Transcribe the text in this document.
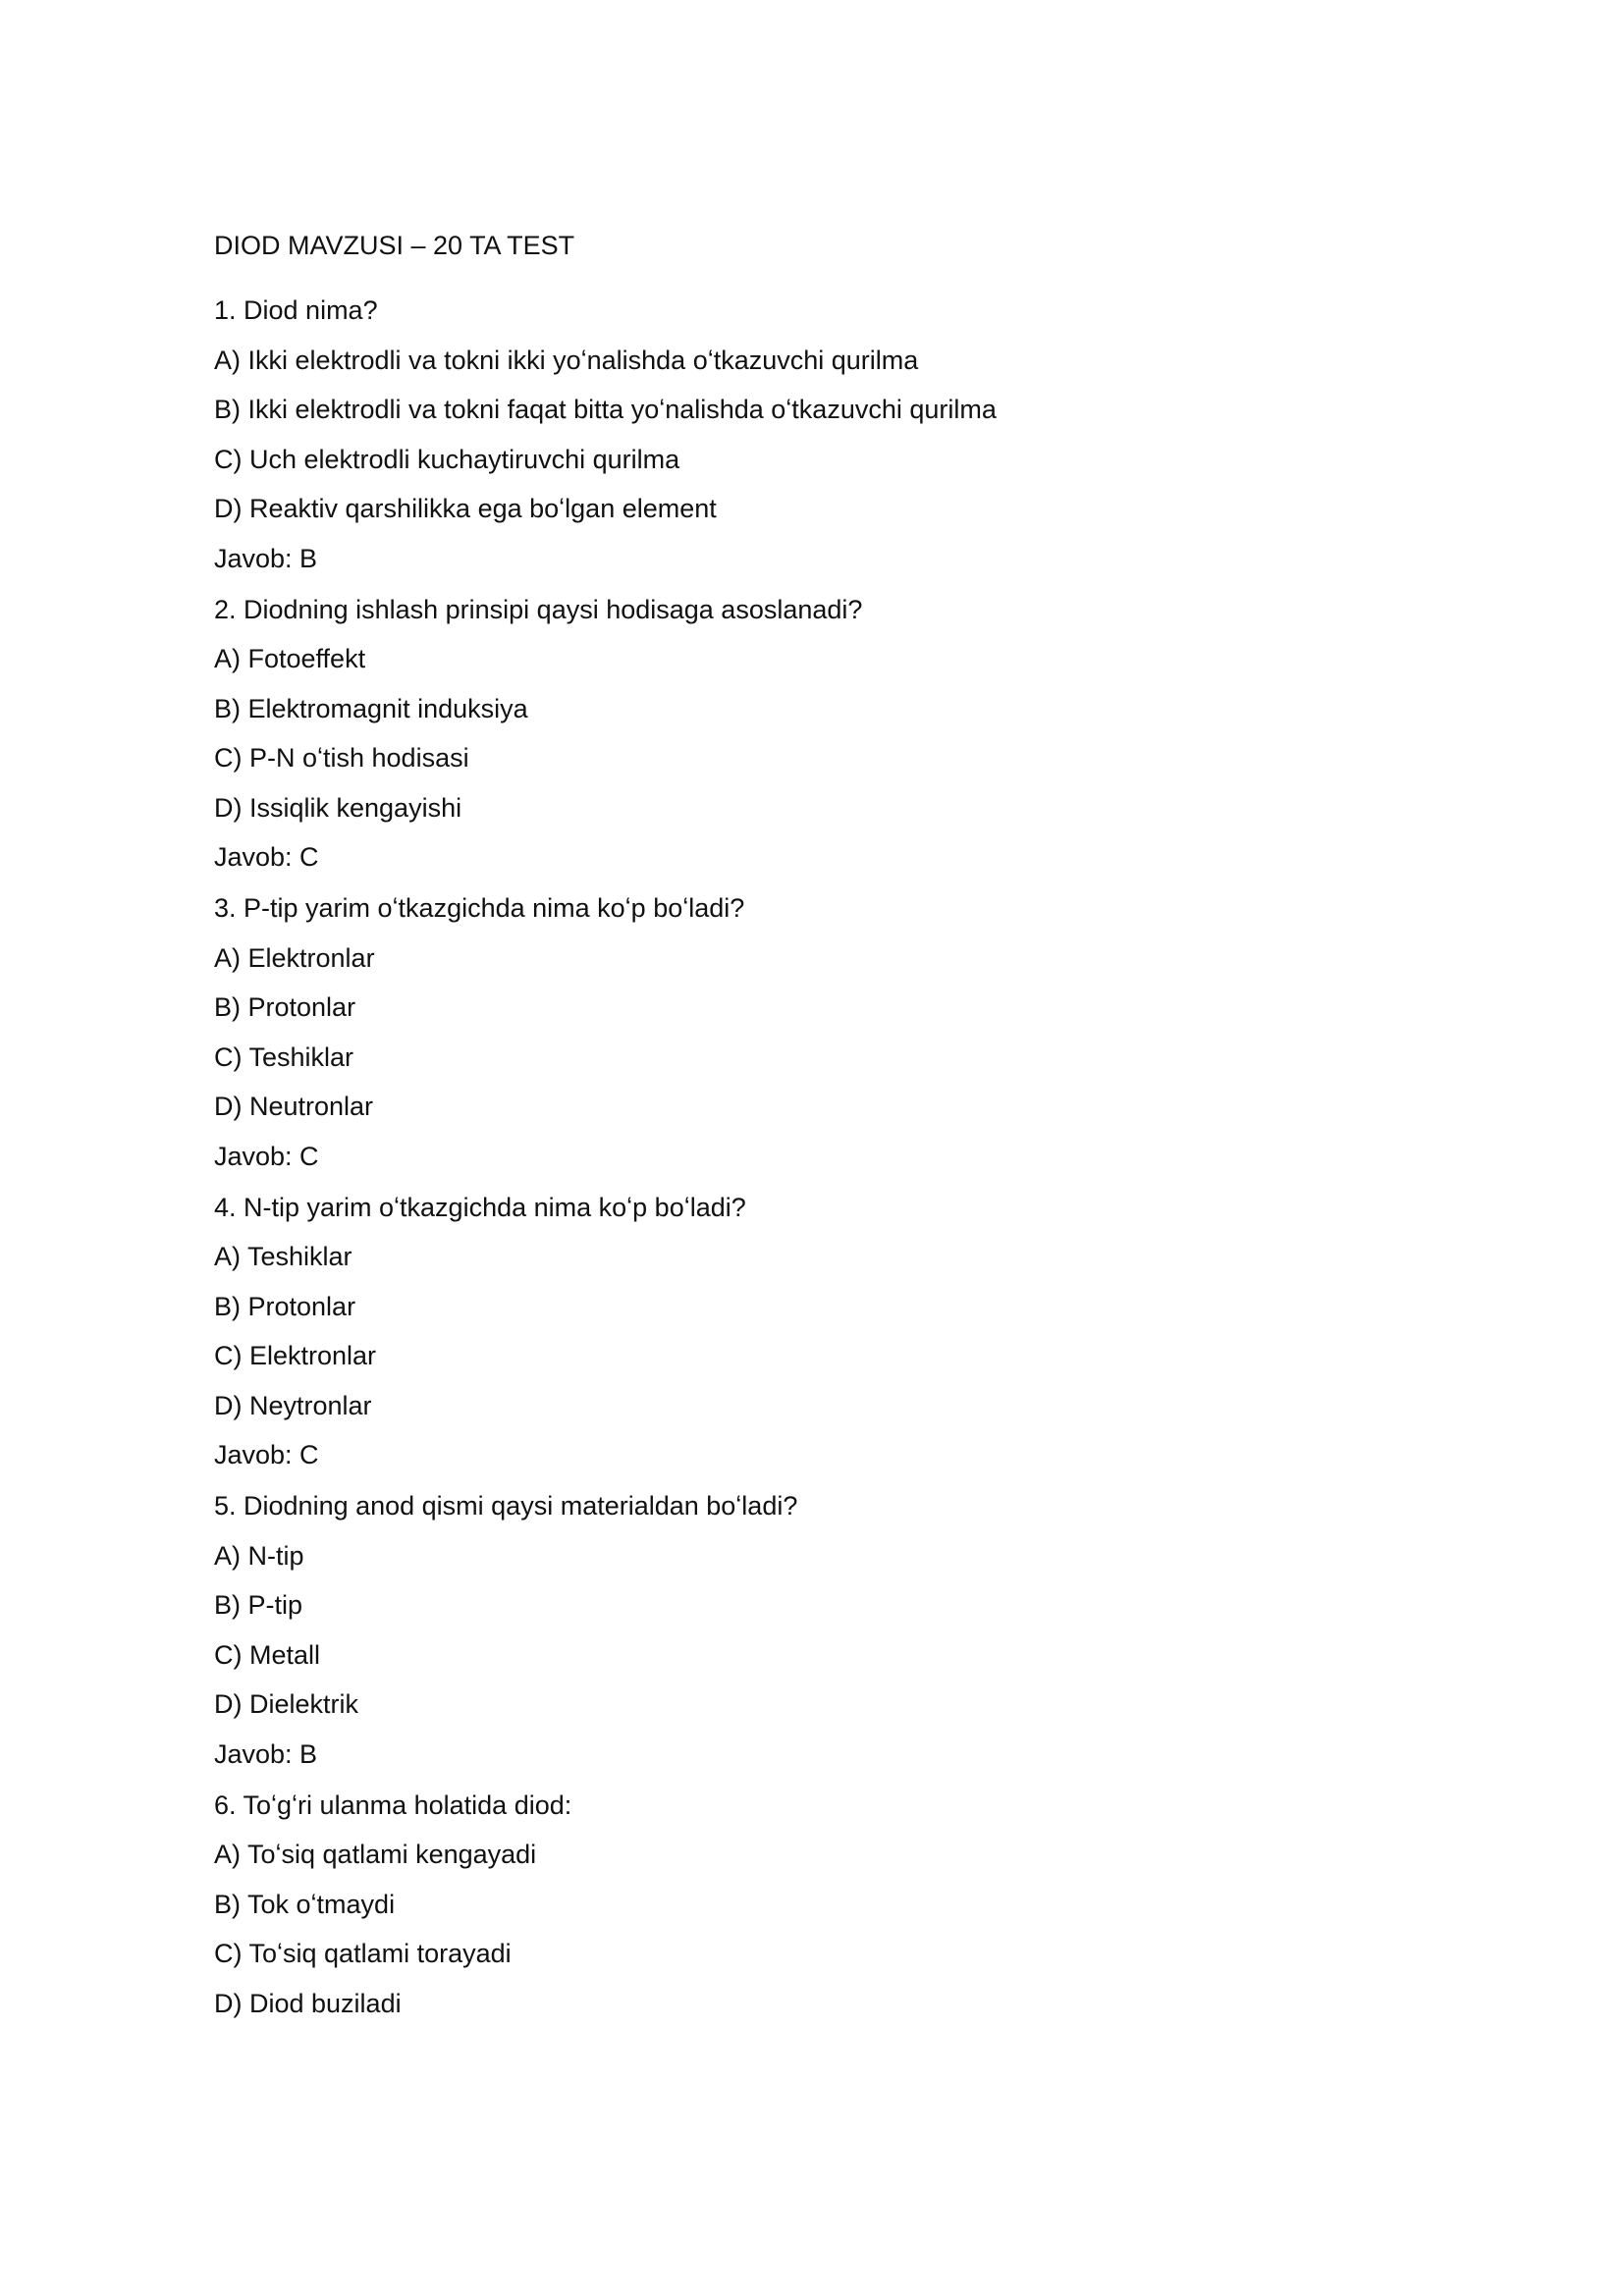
DIOD MAVZUSI – 20 TA TEST
1. Diod nima?
A) Ikki elektrodli va tokni ikki yoʻnalishda oʻtkazuvchi qurilma
B) Ikki elektrodli va tokni faqat bitta yoʻnalishda oʻtkazuvchi qurilma
C) Uch elektrodli kuchaytiruvchi qurilma
D) Reaktiv qarshilikka ega boʻlgan element
Javob: B
2. Diodning ishlash prinsipi qaysi hodisaga asoslanadi?
A) Fotoeffekt
B) Elektromagnit induksiya
C) P-N oʻtish hodisasi
D) Issiqlik kengayishi
Javob: C
3. P-tip yarim oʻtkazgichda nima koʻp boʻladi?
A) Elektronlar
B) Protonlar
C) Teshiklar
D) Neutronlar
Javob: C
4. N-tip yarim oʻtkazgichda nima koʻp boʻladi?
A) Teshiklar
B) Protonlar
C) Elektronlar
D) Neytronlar
Javob: C
5. Diodning anod qismi qaysi materialdan boʻladi?
A) N-tip
B) P-tip
C) Metall
D) Dielektrik
Javob: B
6. Toʻgʻri ulanma holatida diod:
A) Toʻsiq qatlami kengayadi
B) Tok oʻtmaydi
C) Toʻsiq qatlami torayadi
D) Diod buziladi
